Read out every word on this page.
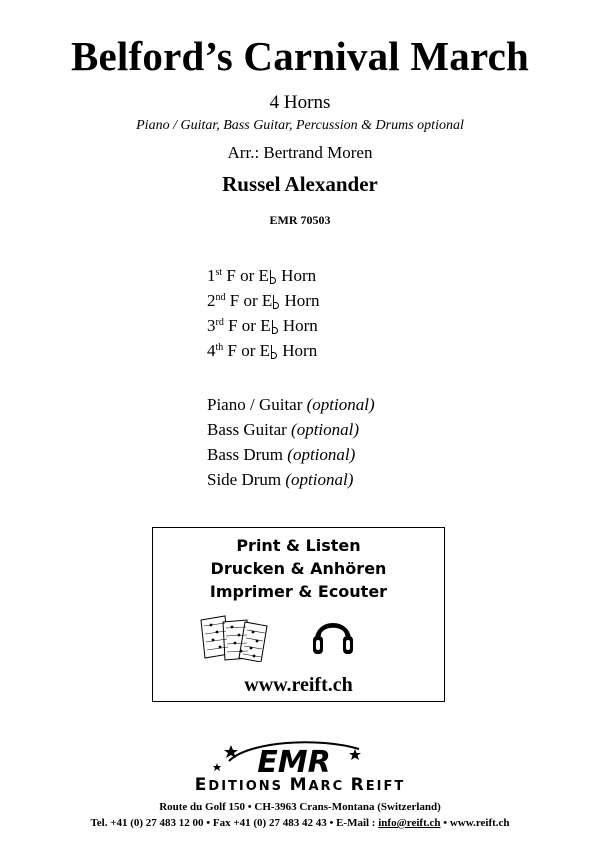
Belford’s Carnival March
4 Horns
Piano / Guitar, Bass Guitar, Percussion & Drums optional
Arr.: Bertrand Moren
Russel Alexander
EMR 70503
1st F or E Horn
2nd F or E Horn
3rd F or E Horn
4th F or E Horn
Piano / Guitar (optional)
Bass Guitar (optional)
Bass Drum (optional)
Side Drum (optional)
Print & Listen
Drucken & Anhören
Imprimer & Ecouter
www.reift.ch
EMR
EDITIONS MARC REIFT
Route du Golf 150 • CH-3963 Crans-Montana (Switzerland)
Tel. +41 (0) 27 483 12 00 • Fax +41 (0) 27 483 42 43 • E-Mail : info@reift.ch • www.reift.ch
